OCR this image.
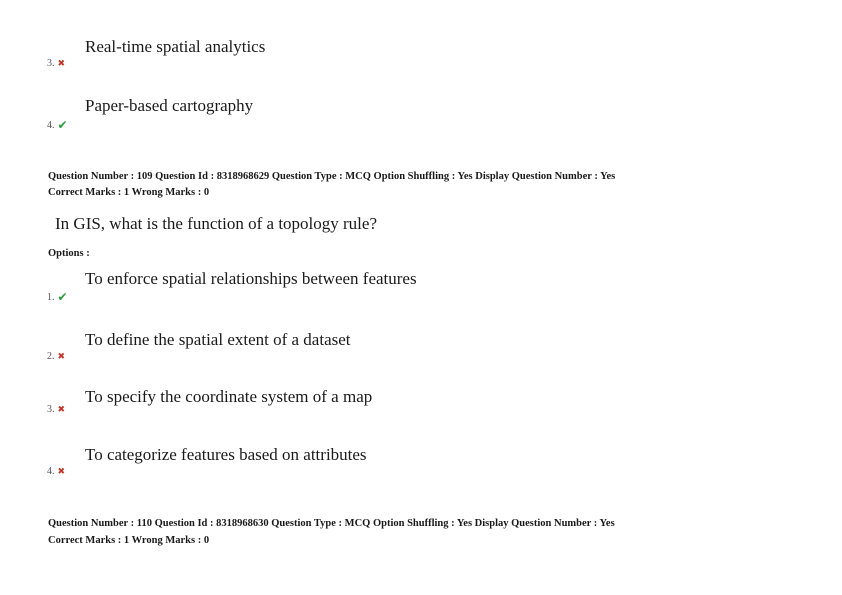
Real-time spatial analytics
3. ✖
Paper-based cartography
4. ✔
Question Number : 109 Question Id : 8318968629 Question Type : MCQ Option Shuffling : Yes Display Question Number : Yes
Correct Marks : 1 Wrong Marks : 0
In GIS, what is the function of a topology rule?
Options :
To enforce spatial relationships between features
1. ✔
To define the spatial extent of a dataset
2. ✖
To specify the coordinate system of a map
3. ✖
To categorize features based on attributes
4. ✖
Question Number : 110 Question Id : 8318968630 Question Type : MCQ Option Shuffling : Yes Display Question Number : Yes
Correct Marks : 1 Wrong Marks : 0
